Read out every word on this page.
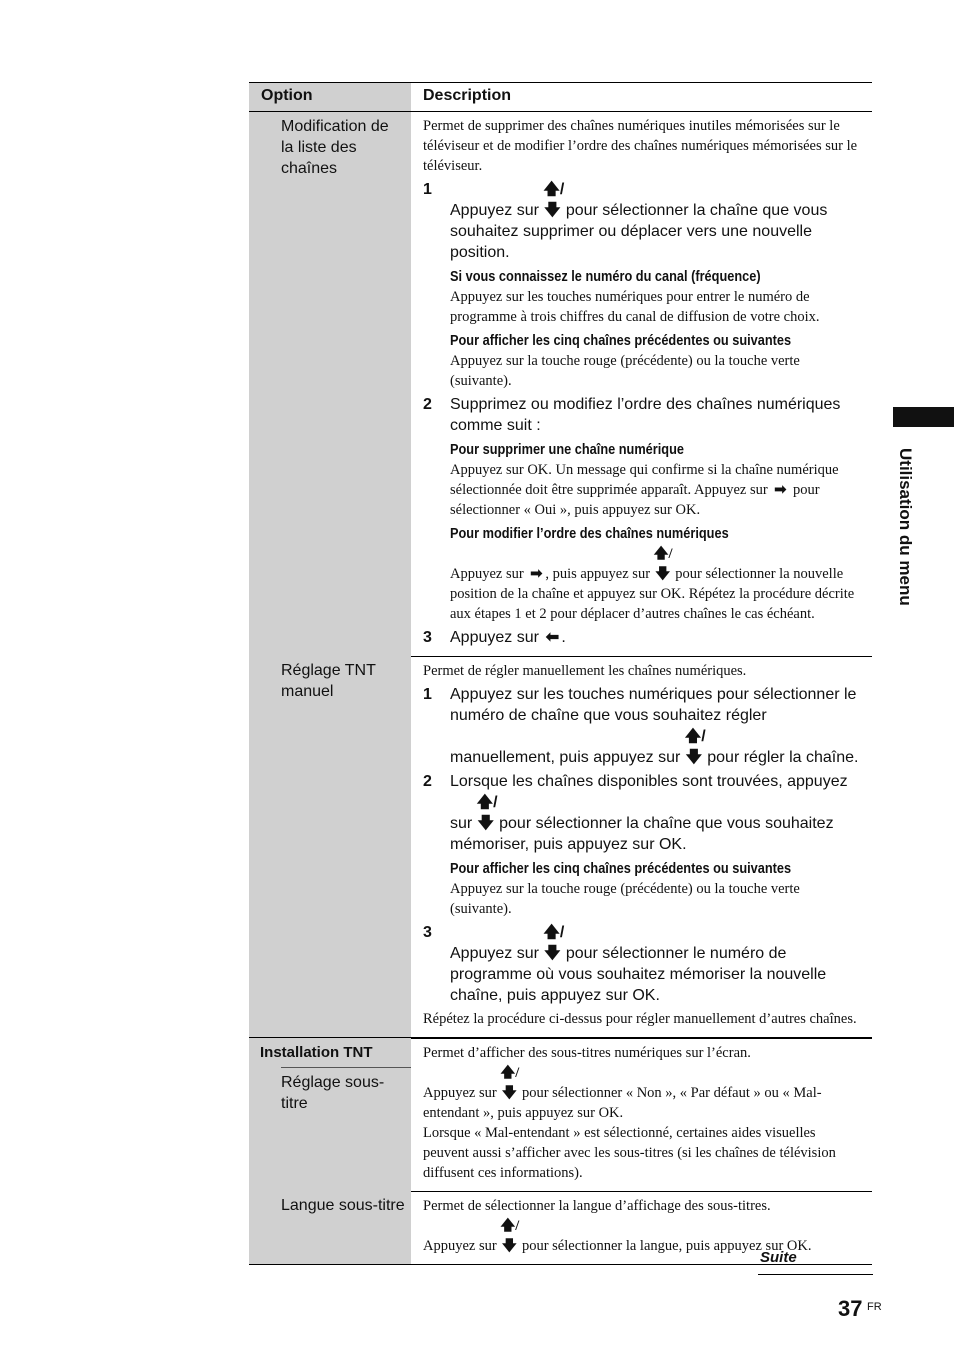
Option	Description
Modification de la liste des chaînes
Permet de supprimer des chaînes numériques inutiles mémorisées sur le téléviseur et de modifier l’ordre des chaînes numériques mémorisées sur le téléviseur.
1
Appuyez sur 🡅/🡇 pour sélectionner la chaîne que vous souhaitez supprimer ou déplacer vers une nouvelle position.
Si vous connaissez le numéro du canal (fréquence)
Appuyez sur les touches numériques pour entrer le numéro de programme à trois chiffres du canal de diffusion de votre choix.
Pour afficher les cinq chaînes précédentes ou suivantes
Appuyez sur la touche rouge (précédente) ou la touche verte (suivante).
2	Supprimez ou modifiez l’ordre des chaînes numériques comme suit :
Pour supprimer une chaîne numérique
Appuyez sur OK. Un message qui confirme si la chaîne numérique sélectionnée doit être supprimée apparaît. Appuyez sur ➡ pour sélectionner « Oui », puis appuyez sur OK.
Pour modifier l’ordre des chaînes numériques
Appuyez sur ➡ , puis appuyez sur 🡅/🡇 pour sélectionner la nouvelle position de la chaîne et appuyez sur OK. Répétez la procédure décrite aux étapes 1 et 2 pour déplacer d’autres chaînes le cas échéant.
3	Appuyez sur ⬅ .
Réglage TNT manuel
Permet de régler manuellement les chaînes numériques.
1	Appuyez sur les touches numériques pour sélectionner le numéro de chaîne que vous souhaitez régler manuellement, puis appuyez sur 🡅/🡇 pour régler la chaîne.
2	Lorsque les chaînes disponibles sont trouvées, appuyez sur 🡅/🡇 pour sélectionner la chaîne que vous souhaitez mémoriser, puis appuyez sur OK.
Pour afficher les cinq chaînes précédentes ou suivantes
Appuyez sur la touche rouge (précédente) ou la touche verte (suivante).
3
Appuyez sur 🡅/🡇 pour sélectionner le numéro de programme où vous souhaitez mémoriser la nouvelle chaîne, puis appuyez sur OK.
Répétez la procédure ci-dessus pour régler manuellement d’autres chaînes.
Installation TNT
Réglage sous-titre
Permet d’afficher des sous-titres numériques sur l’écran.
Appuyez sur 🡅/🡇 pour sélectionner « Non », « Par défaut » ou « Mal-entendant », puis appuyez sur OK.
Lorsque « Mal-entendant » est sélectionné, certaines aides visuelles peuvent aussi s’afficher avec les sous-titres (si les chaînes de télévision diffusent ces informations).
Langue sous-titre	Permet de sélectionner la langue d’affichage des sous-titres.
Appuyez sur 🡅/🡇 pour sélectionner la langue, puis appuyez sur OK.
Utilisation du menu
Suite
37 FR
